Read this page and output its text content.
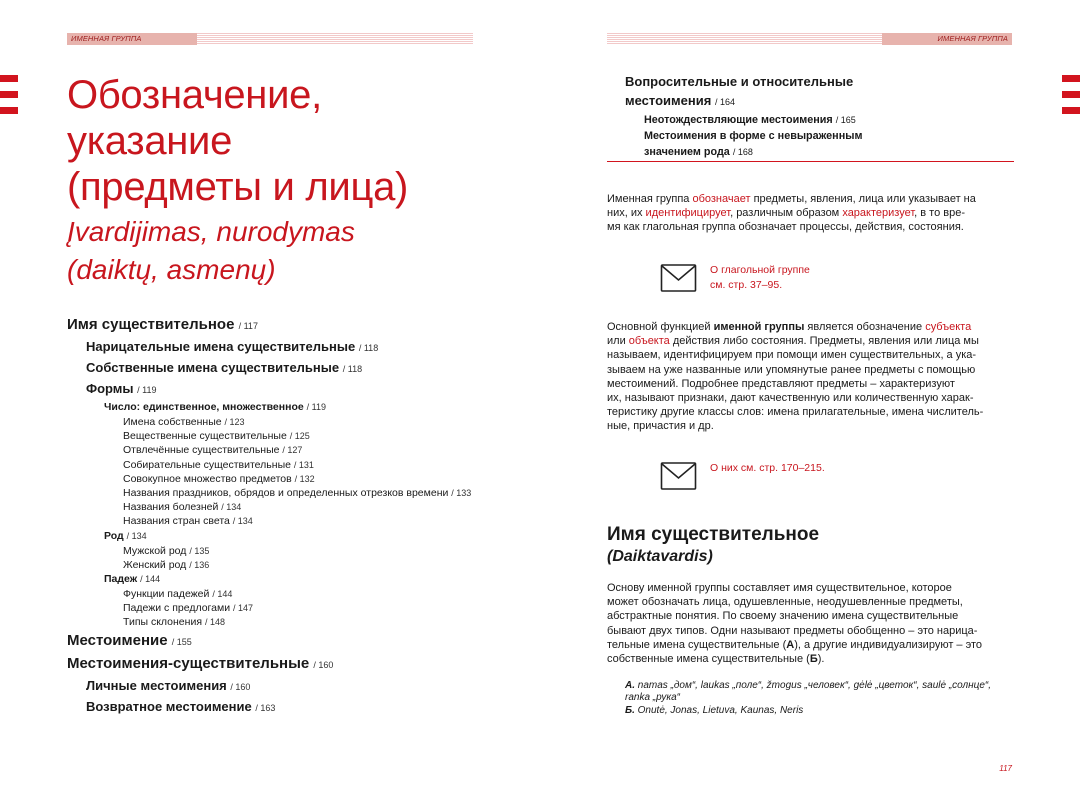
ИМЕННАЯ ГРУППА
Обозначение,
указание
(предметы и лица)
Įvardijimas, nurodymas
(daiktų, asmenų)
Имя существительное / 117
Нарицательные имена существительные / 118
Собственные имена существительные / 118
Формы / 119
Число: единственное, множественное / 119
Имена собственные / 123
Вещественные существительные / 125
Отвлечённые существительные / 127
Собирательные существительные / 131
Совокупное множество предметов / 132
Названия праздников, обрядов и определенных отрезков времени / 133
Названия болезней / 134
Названия стран света / 134
Род / 134
Мужской род / 135
Женский род / 136
Падеж / 144
Функции падежей / 144
Падежи с предлогами / 147
Типы склонения / 148
Местоимение / 155
Местоимения-существительные / 160
Личные местоимения / 160
Возвратное местоимение / 163
ИМЕННАЯ ГРУППА
Вопросительные и относительные
местоимения / 164
Неотождествляющие местоимения / 165
Местоимения в форме с невыраженным
значением рода / 168
Именная группа обозначает предметы, явления, лица или указывает на
них, их идентифицирует, различным образом характеризует, в то вре-
мя как глагольная группа обозначает процессы, действия, состояния.
О глагольной группе
см. стр. 37–95.
Основной функцией именной группы является обозначение субъекта
или объекта действия либо состояния. Предметы, явления или лица мы
называем, идентифицируем при помощи имен существительных, а ука-
зываем на уже названные или упомянутые ранее предметы с помощью
местоимений. Подробнее представляют предметы – характеризуют
их, называют признаки, дают качественную или количественную харак-
теристику другие классы слов: имена прилагательные, имена числитель-
ные, причастия и др.
О них см. стр. 170–215.
Имя существительное
(Daiktavardis)
Основу именной группы составляет имя существительное, которое
может обозначать лица, одушевленные, неодушевленные предметы,
абстрактные понятия. По своему значению имена существительные
бывают двух типов. Одни называют предметы обобщенно – это нарица-
тельные имена существительные (А), а другие индивидуализируют – это
собственные имена существительные (Б).
А. namas „дом“, laukas „поле“, žmogus „человек“, gėlė „цветок“, saulė „солнце“,
ranka „рука“
Б. Onutė, Jonas, Lietuva, Kaunas, Neris
117
